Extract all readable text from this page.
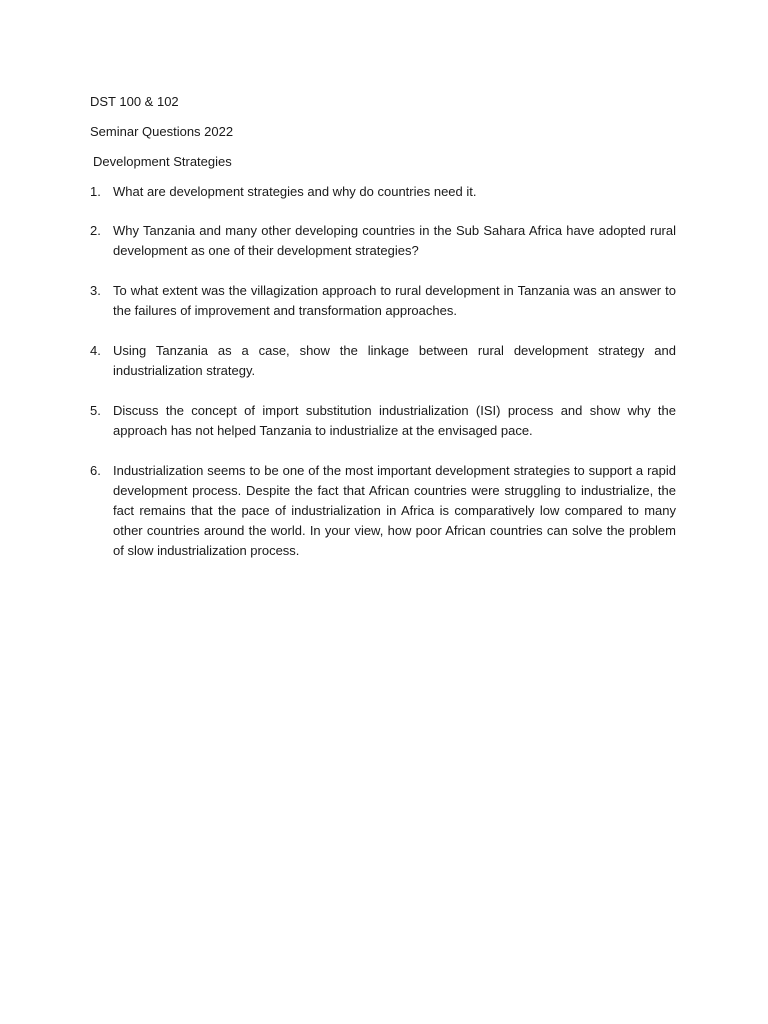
DST 100 & 102

Seminar Questions 2022

Development Strategies

1. What are development strategies and why do countries need it.
2. Why Tanzania and many other developing countries in the Sub Sahara Africa have adopted rural development as one of their development strategies?
3. To what extent was the villagization approach to rural development in Tanzania was an answer to the failures of improvement and transformation approaches.
4. Using Tanzania as a case, show the linkage between rural development strategy and industrialization strategy.
5. Discuss the concept of import substitution industrialization (ISI) process and show why the approach has not helped Tanzania to industrialize at the envisaged pace.
6. Industrialization seems to be one of the most important development strategies to support a rapid development process. Despite the fact that African countries were struggling to industrialize, the fact remains that the pace of industrialization in Africa is comparatively low compared to many other countries around the world. In your view, how poor African countries can solve the problem of slow industrialization process.
